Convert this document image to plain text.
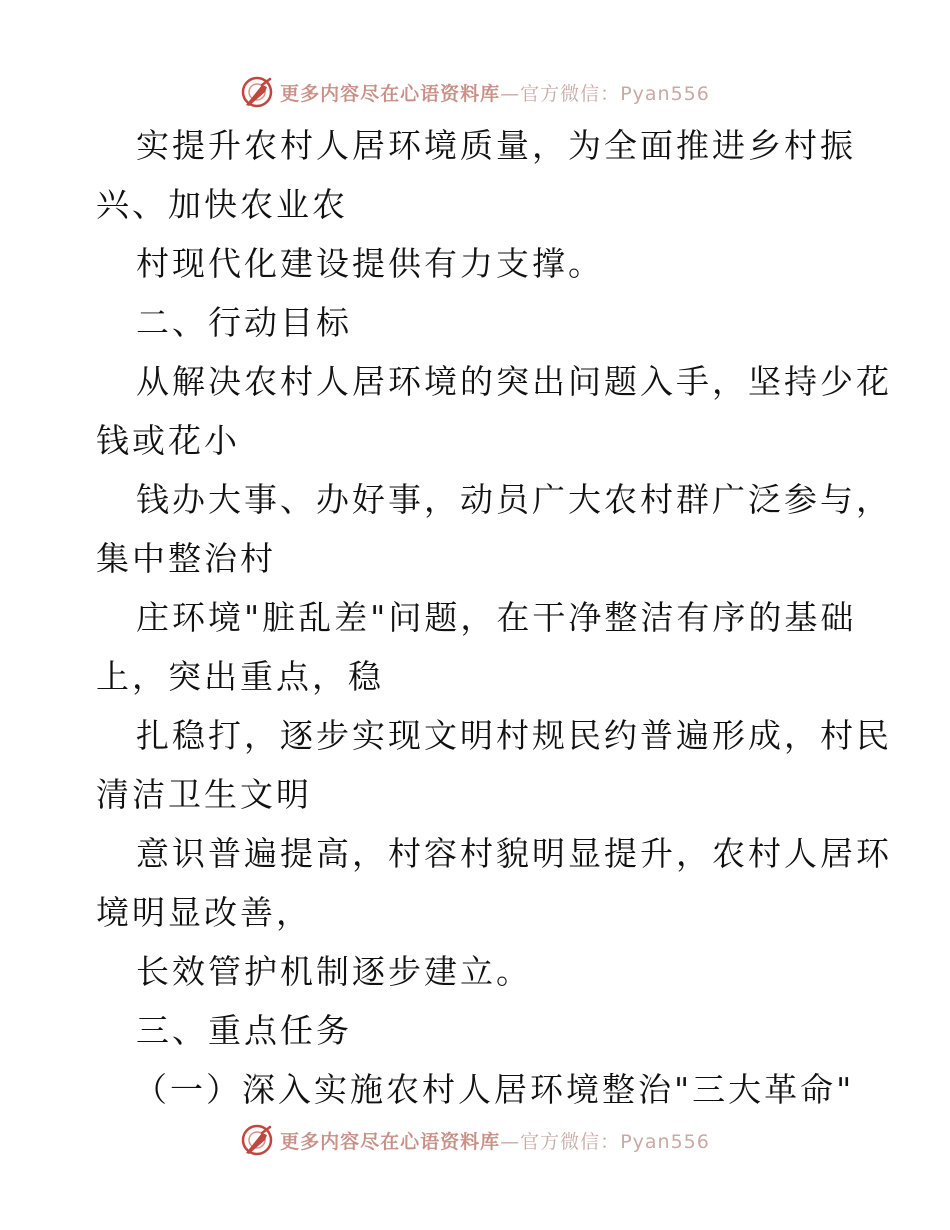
更多内容尽在心语资料库—官方微信：Pyan556
实提升农村人居环境质量，为全面推进乡村振
兴、加快农业农
村现代化建设提供有力支撑。
二、行动目标
从解决农村人居环境的突出问题入手，坚持少花
钱或花小
钱办大事、办好事，动员广大农村群广泛参与，
集中整治村
庄环境"脏乱差"问题，在干净整洁有序的基础
上，突出重点，稳
扎稳打，逐步实现文明村规民约普遍形成，村民
清洁卫生文明
意识普遍提高，村容村貌明显提升，农村人居环
境明显改善，
长效管护机制逐步建立。
三、重点任务
（一）深入实施农村人居环境整治"三大革命"
更多内容尽在心语资料库—官方微信：Pyan556
